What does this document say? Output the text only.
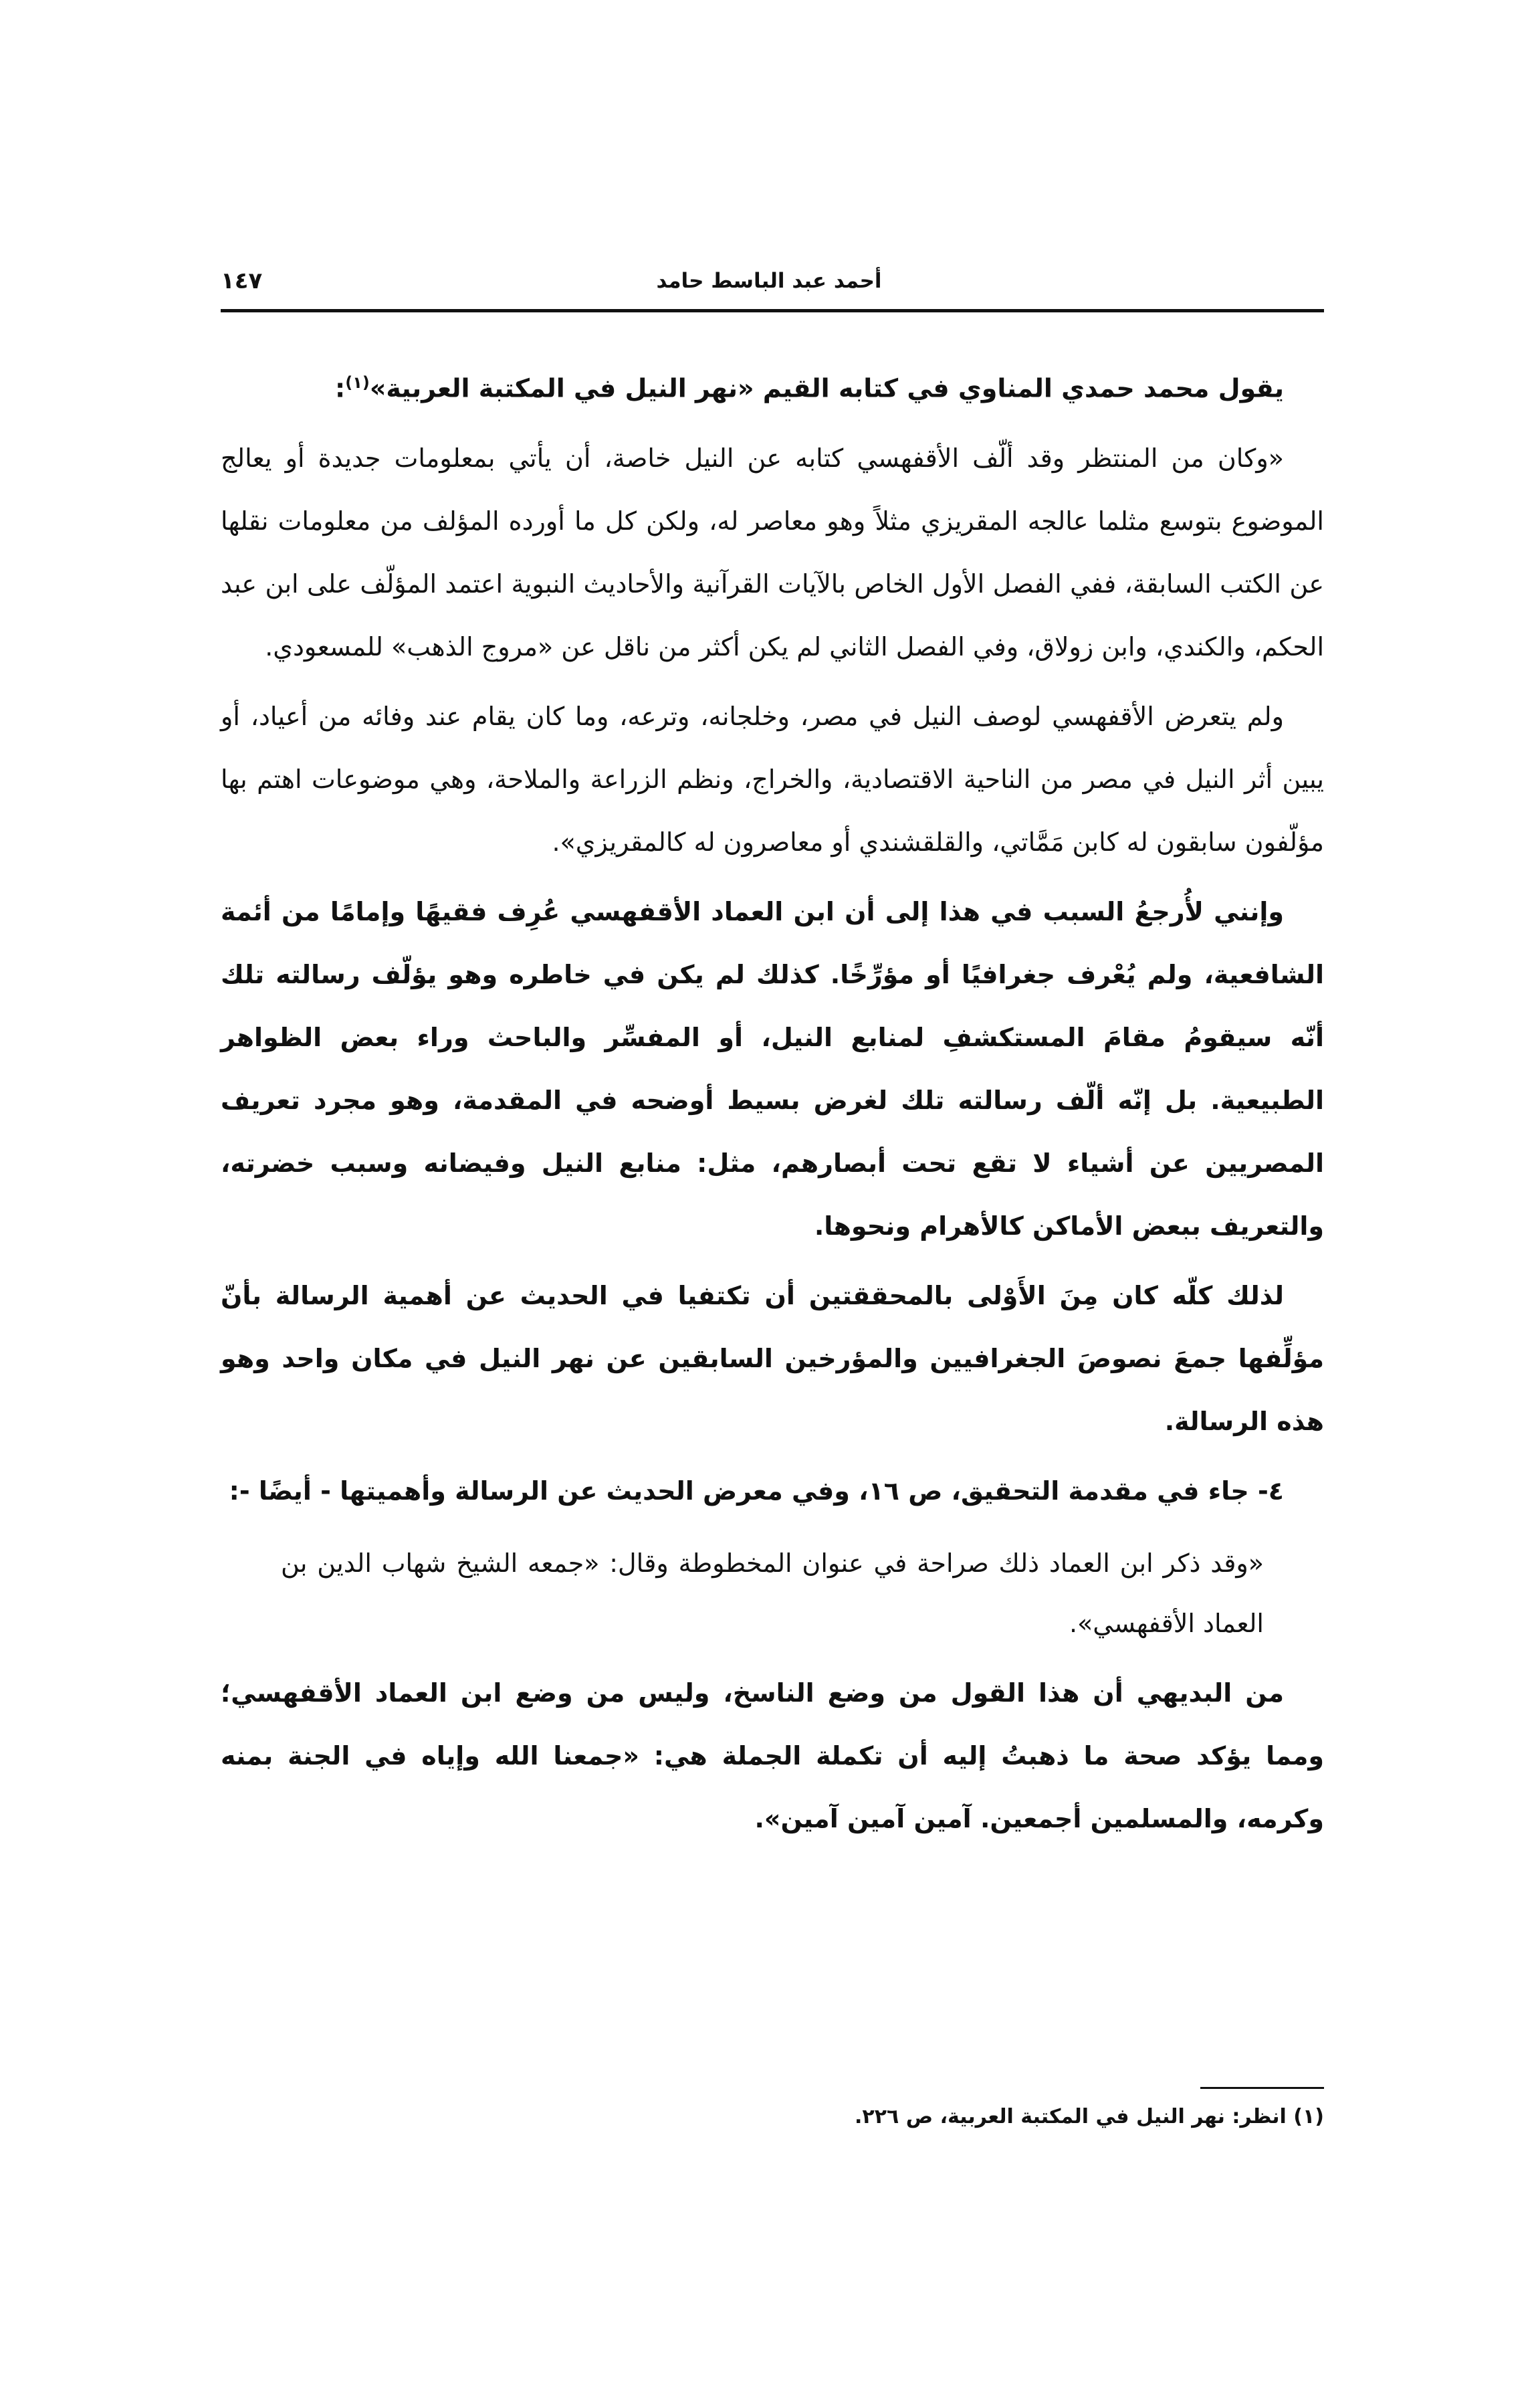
أحمد عبد الباسط حامد
١٤٧

يقول محمد حمدي المناوي في كتابه القيم «نهر النيل في المكتبة العربية»$^{(١)}$:

«وكان من المنتظر وقد ألّف الأقفهسي كتابه عن النيل خاصة، أن يأتي بمعلومات جديدة أو يعالج الموضوع بتوسع مثلما عالجه المقريزي مثلاً وهو معاصر له، ولكن كل ما أورده المؤلف من معلومات نقلها عن الكتب السابقة، ففي الفصل الأول الخاص بالآيات القرآنية والأحاديث النبوية اعتمد المؤلّف على ابن عبد الحكم، والكندي، وابن زولاق، وفي الفصل الثاني لم يكن أكثر من ناقل عن «مروج الذهب» للمسعودي.

ولم يتعرض الأقفهسي لوصف النيل في مصر، وخلجانه، وترعه، وما كان يقام عند وفائه من أعياد، أو يبين أثر النيل في مصر من الناحية الاقتصادية، والخراج، ونظم الزراعة والملاحة، وهي موضوعات اهتم بها مؤلّفون سابقون له كابن مَمَّاتي، والقلقشندي أو معاصرون له كالمقريزي».

وإنني لأُرجعُ السبب في هذا إلى أن ابن العماد الأقفهسي عُرِف فقيهًا وإمامًا من أئمة الشافعية، ولم يُعْرف جغرافيًا أو مؤرِّخًا. كذلك لم يكن في خاطره وهو يؤلّف رسالته تلك أنّه سيقومُ مقامَ المستكشفِ لمنابع النيل، أو المفسِّر والباحث وراء بعض الظواهر الطبيعية. بل إنّه ألّف رسالته تلك لغرض بسيط أوضحه في المقدمة، وهو مجرد تعريف المصريين عن أشياء لا تقع تحت أبصارهم، مثل: منابع النيل وفيضانه وسبب خضرته، والتعريف ببعض الأماكن كالأهرام ونحوها.

لذلك كلّه كان مِنَ الأَوْلى بالمحققتين أن تكتفيا في الحديث عن أهمية الرسالة بأنّ مؤلِّفها جمعَ نصوصَ الجغرافيين والمؤرخين السابقين عن نهر النيل في مكان واحد وهو هذه الرسالة.

٤- جاء في مقدمة التحقيق، ص ١٦، وفي معرض الحديث عن الرسالة وأهميتها - أيضًا -:

«وقد ذكر ابن العماد ذلك صراحة في عنوان المخطوطة وقال: «جمعه الشيخ شهاب الدين بن العماد الأقفهسي».

من البديهي أن هذا القول من وضع الناسخ، وليس من وضع ابن العماد الأقفهسي؛ ومما يؤكد صحة ما ذهبتُ إليه أن تكملة الجملة هي: «جمعنا الله وإياه في الجنة بمنه وكرمه، والمسلمين أجمعين. آمين آمين آمين».

(١) انظر: نهر النيل في المكتبة العربية، ص ٢٢٦.
